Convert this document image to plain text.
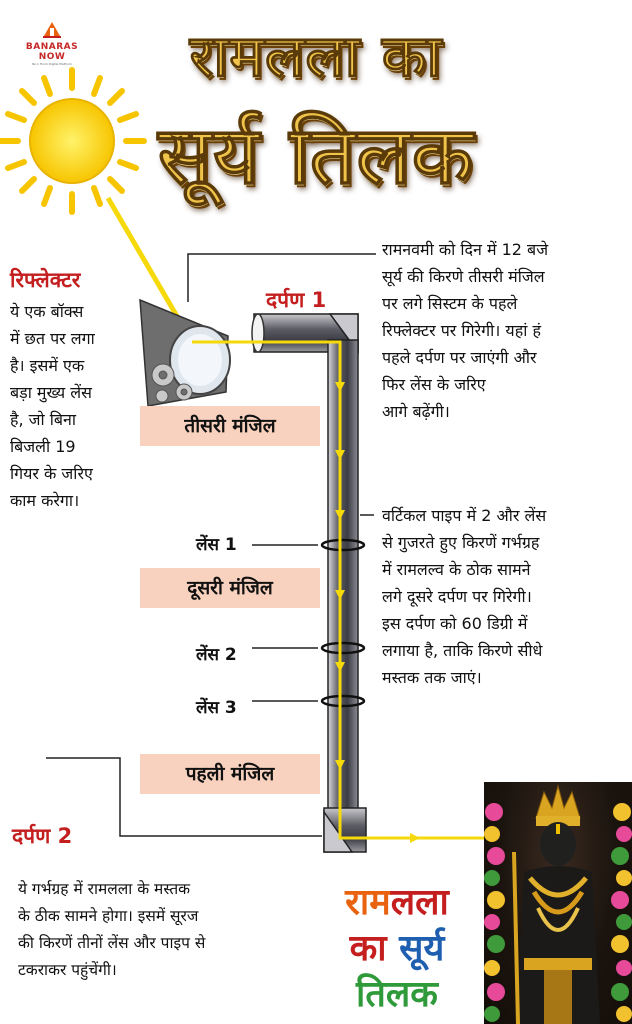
BANARAS
NOW
No.1 Hindi Digital Platform	रामलला का
सूर्य तिलक
रिफ्लेक्टर
ये एक बॉक्स
में छत पर लगा
है। इसमें एक
बड़ा मुख्य लेंस
है, जो बिना
बिजली 19
गियर के जरिए
काम करेगा।
दर्पण 1
तीसरी मंजिल
दूसरी मंजिल
पहली मंजिल
लेंस 1
लेंस 2
लेंस 3
रामनवमी को दिन में 12 बजे
सूर्य की किरणे तीसरी मंजिल
पर लगे सिस्टम के पहले
रिफ्लेक्टर पर गिरेगी। यहां हं
पहले दर्पण पर जाएंगी और
फिर लेंस के जरिए
आगे बढ़ेंगी।
वर्टिकल पाइप में 2 और लेंस
से गुजरते हुए किरणें गर्भग्रह
में रामलल्व के ठोक सामने
लगे दूसरे दर्पण पर गिरेगी।
इस दर्पण को 60 डिग्री में
लगाया है, ताकि किरणे सीधे
मस्तक तक जाएं।
दर्पण 2
ये गर्भग्रह में रामलला के मस्तक
के ठीक सामने होगा। इसमें सूरज
की किरणें तीनों लेंस और पाइप से
टकराकर पहुंचेंगी।
रामलला
का सूर्य
तिलक
